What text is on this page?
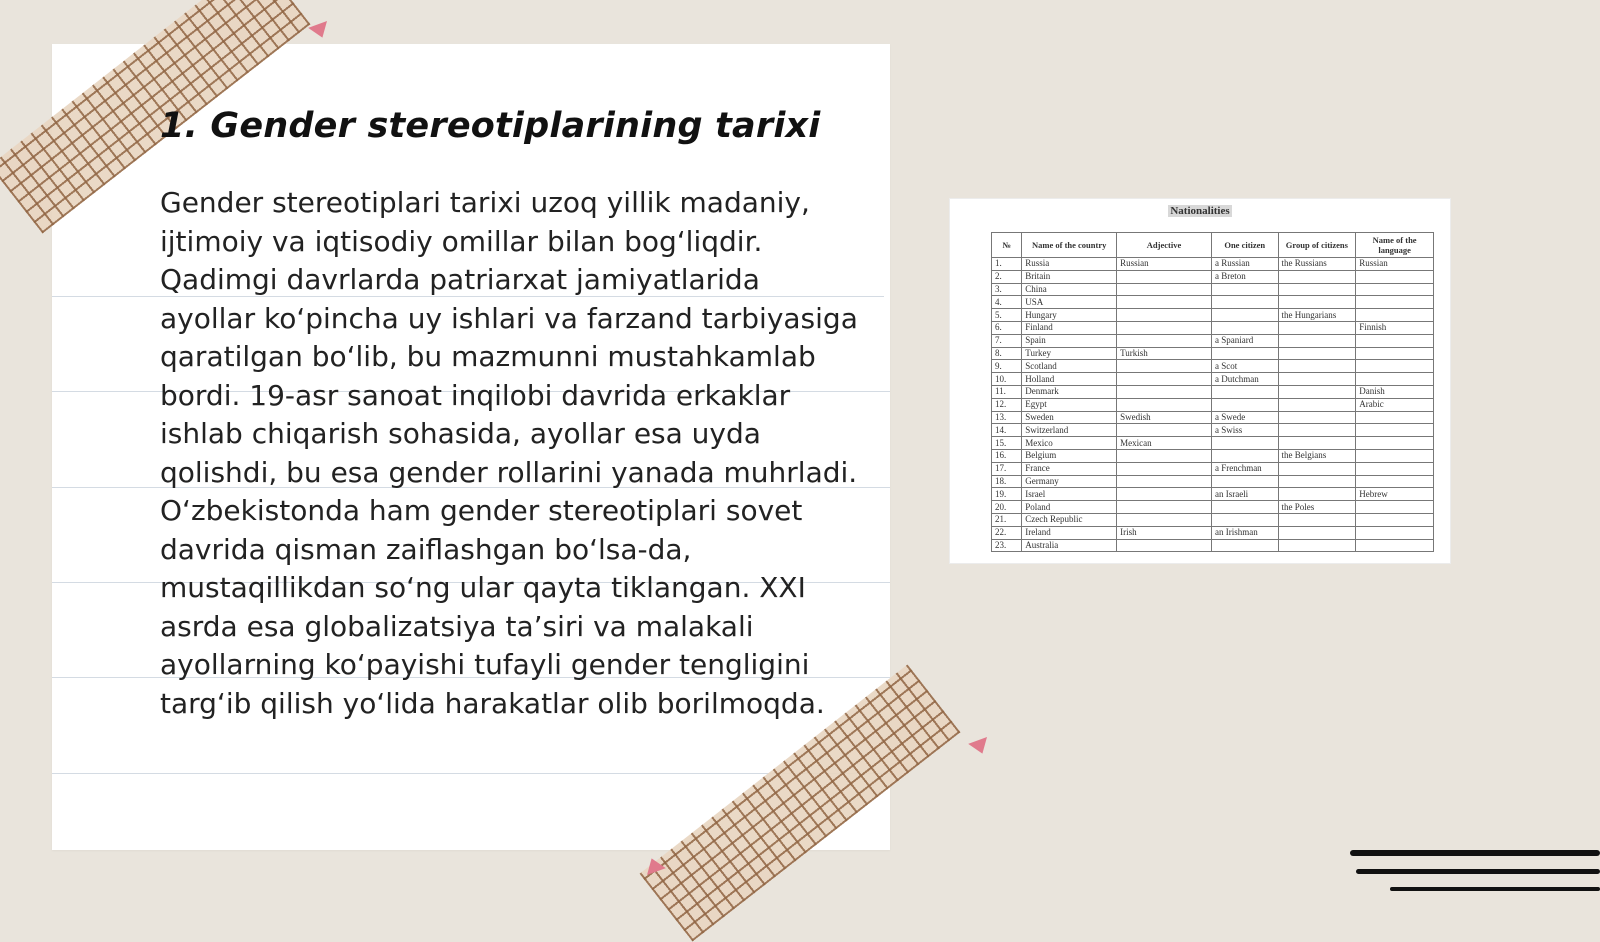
1. Gender stereotiplarining tarixi

Gender stereotiplari tarixi uzoq yillik madaniy, ijtimoiy va iqtisodiy omillar bilan bog‘liqdir. Qadimgi davrlarda patriarxat jamiyatlarida ayollar ko‘pincha uy ishlari va farzand tarbiyasiga qaratilgan bo‘lib, bu mazmunni mustahkamlab bordi. 19-asr sanoat inqilobi davrida erkaklar ishlab chiqarish sohasida, ayollar esa uyda qolishdi, bu esa gender rollarini yanada muhrladi. O‘zbekistonda ham gender stereotiplari sovet davrida qisman zaiflashgan bo‘lsa-da, mustaqillikdan so‘ng ular qayta tiklangan. XXI asrda esa globalizatsiya ta’siri va malakali ayollarning ko‘payishi tufayli gender tengligini targ‘ib qilish yo‘lida harakatlar olib borilmoqda.

Nationalities
№	Name of the country	Adjective	One citizen	Group of citizens	Name of the language
1.	Russia	Russian	a Russian	the Russians	Russian
2.	Britain		a Breton		
3.	China				
4.	USA				
5.	Hungary			the Hungarians	
6.	Finland				Finnish
7.	Spain		a Spaniard		
8.	Turkey	Turkish			
9.	Scotland		a Scot		
10.	Holland		a Dutchman		
11.	Denmark				Danish
12.	Egypt				Arabic
13.	Sweden	Swedish	a Swede		
14.	Switzerland		a Swiss		
15.	Mexico	Mexican			
16.	Belgium			the Belgians	
17.	France		a Frenchman		
18.	Germany				
19.	Israel		an Israeli		Hebrew
20.	Poland			the Poles	
21.	Czech Republic				
22.	Ireland	Irish	an Irishman		
23.	Australia				
